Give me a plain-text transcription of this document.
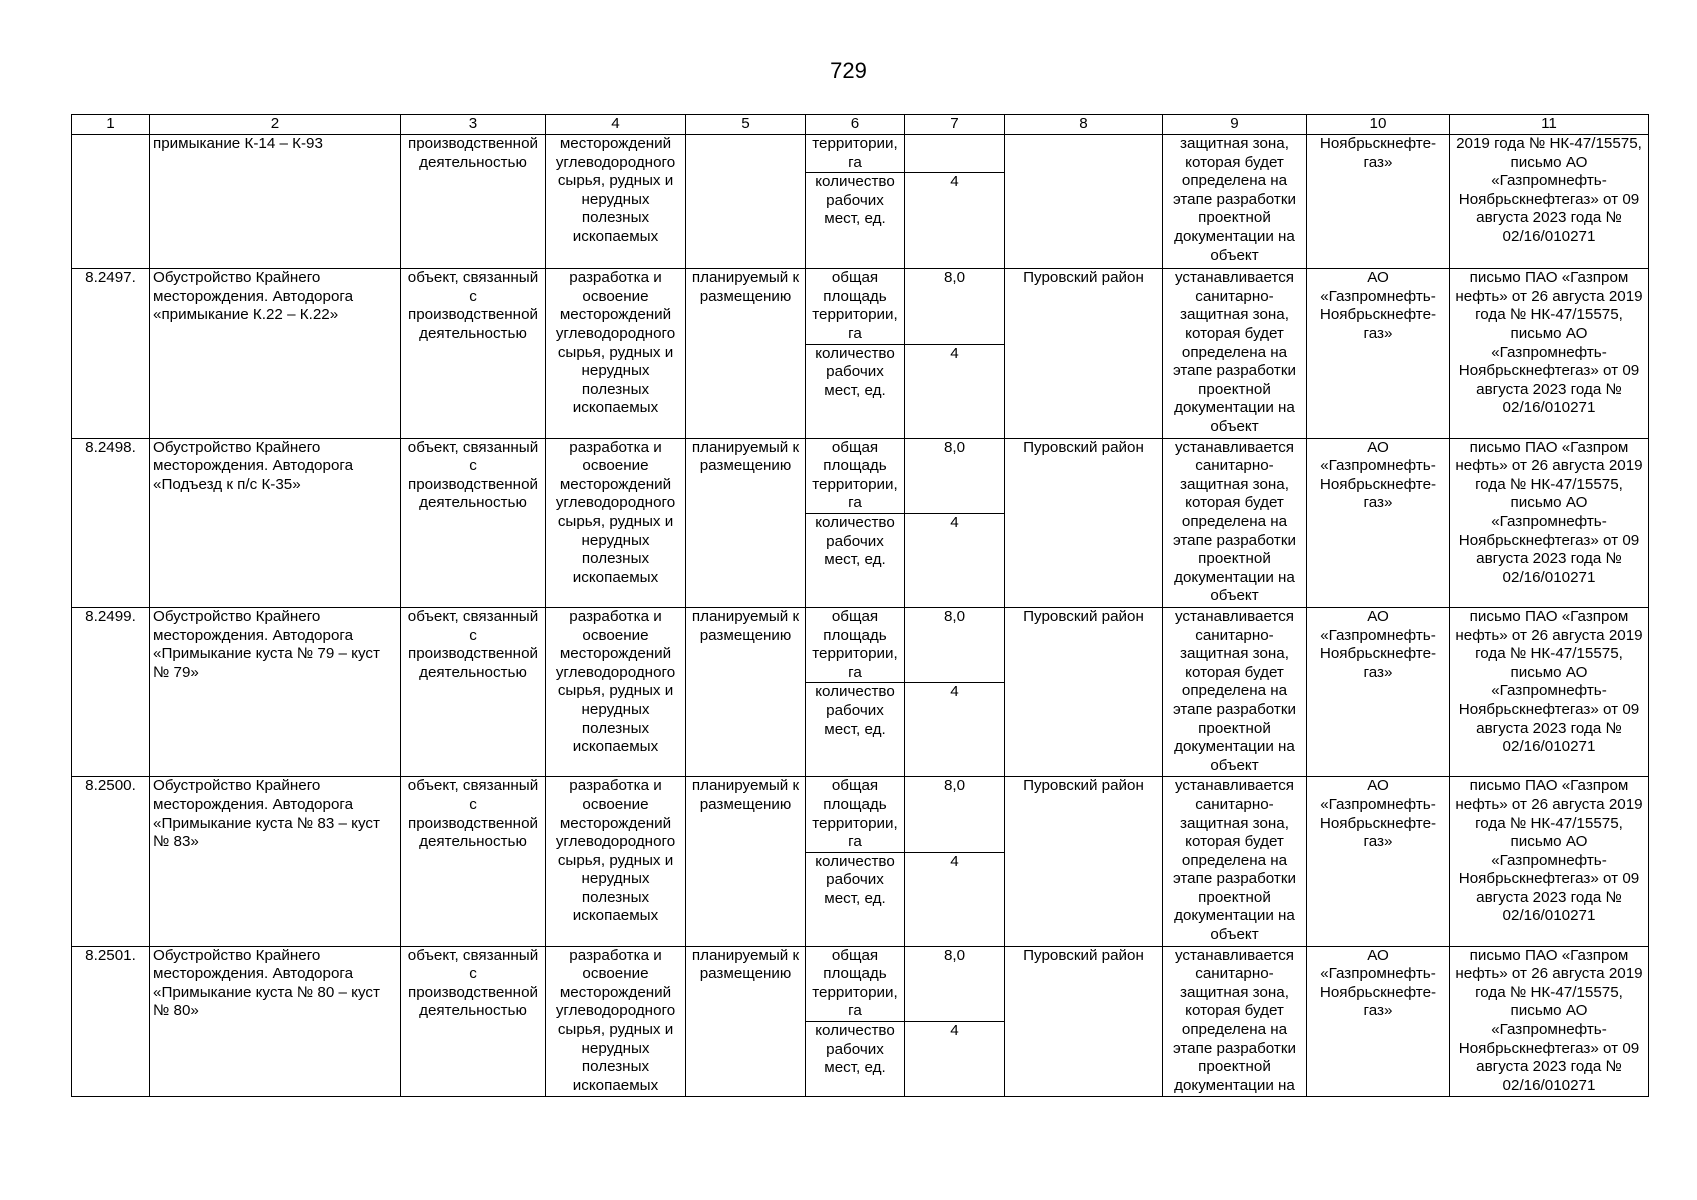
729
1	2	3	4	5	6	7	8	9	10	11
	примыкание К-14 – К-93	производственной деятельностью	месторождений углеводородного сырья, рудных и нерудных полезных ископаемых		территории, га			защитная зона, которая будет определена на этапе разработки проектной документации на объект	Ноябрьскнефте-газ»	2019 года № НК-47/15575, письмо АО «Газпромнефть-Ноябрьскнефтегаз» от 09 августа 2023 года № 02/16/010271
					количество рабочих мест, ед.	4				
8.2497.	Обустройство Крайнего месторождения. Автодорога «примыкание К.22 – К.22»	объект, связанный с производственной деятельностью	разработка и освоение месторождений углеводородного сырья, рудных и нерудных полезных ископаемых	планируемый к размещению	общая площадь территории, га	8,0	Пуровский район	устанавливается санитарно-защитная зона, которая будет определена на этапе разработки проектной документации на объект	АО «Газпромнефть-Ноябрьскнефте-газ»	письмо ПАО «Газпром нефть» от 26 августа 2019 года № НК-47/15575, письмо АО «Газпромнефть-Ноябрьскнефтегаз» от 09 августа 2023 года № 02/16/010271
					количество рабочих мест, ед.	4				
8.2498.	Обустройство Крайнего месторождения. Автодорога «Подъезд к п/с К-35»	объект, связанный с производственной деятельностью	разработка и освоение месторождений углеводородного сырья, рудных и нерудных полезных ископаемых	планируемый к размещению	общая площадь территории, га	8,0	Пуровский район	устанавливается санитарно-защитная зона, которая будет определена на этапе разработки проектной документации на объект	АО «Газпромнефть-Ноябрьскнефте-газ»	письмо ПАО «Газпром нефть» от 26 августа 2019 года № НК-47/15575, письмо АО «Газпромнефть-Ноябрьскнефтегаз» от 09 августа 2023 года № 02/16/010271
					количество рабочих мест, ед.	4				
8.2499.	Обустройство Крайнего месторождения. Автодорога «Примыкание куста № 79 – куст № 79»	объект, связанный с производственной деятельностью	разработка и освоение месторождений углеводородного сырья, рудных и нерудных полезных ископаемых	планируемый к размещению	общая площадь территории, га	8,0	Пуровский район	устанавливается санитарно-защитная зона, которая будет определена на этапе разработки проектной документации на объект	АО «Газпромнефть-Ноябрьскнефте-газ»	письмо ПАО «Газпром нефть» от 26 августа 2019 года № НК-47/15575, письмо АО «Газпромнефть-Ноябрьскнефтегаз» от 09 августа 2023 года № 02/16/010271
					количество рабочих мест, ед.	4				
8.2500.	Обустройство Крайнего месторождения. Автодорога «Примыкание куста № 83 – куст № 83»	объект, связанный с производственной деятельностью	разработка и освоение месторождений углеводородного сырья, рудных и нерудных полезных ископаемых	планируемый к размещению	общая площадь территории, га	8,0	Пуровский район	устанавливается санитарно-защитная зона, которая будет определена на этапе разработки проектной документации на объект	АО «Газпромнефть-Ноябрьскнефте-газ»	письмо ПАО «Газпром нефть» от 26 августа 2019 года № НК-47/15575, письмо АО «Газпромнефть-Ноябрьскнефтегаз» от 09 августа 2023 года № 02/16/010271
					количество рабочих мест, ед.	4				
8.2501.	Обустройство Крайнего месторождения. Автодорога «Примыкание куста № 80 – куст № 80»	объект, связанный с производственной деятельностью	разработка и освоение месторождений углеводородного сырья, рудных и нерудных полезных ископаемых	планируемый к размещению	общая площадь территории, га	8,0	Пуровский район	устанавливается санитарно-защитная зона, которая будет определена на этапе разработки проектной документации на	АО «Газпромнефть-Ноябрьскнефте-газ»	письмо ПАО «Газпром нефть» от 26 августа 2019 года № НК-47/15575, письмо АО «Газпромнефть-Ноябрьскнефтегаз» от 09 августа 2023 года № 02/16/010271
					количество рабочих мест, ед.	4				
